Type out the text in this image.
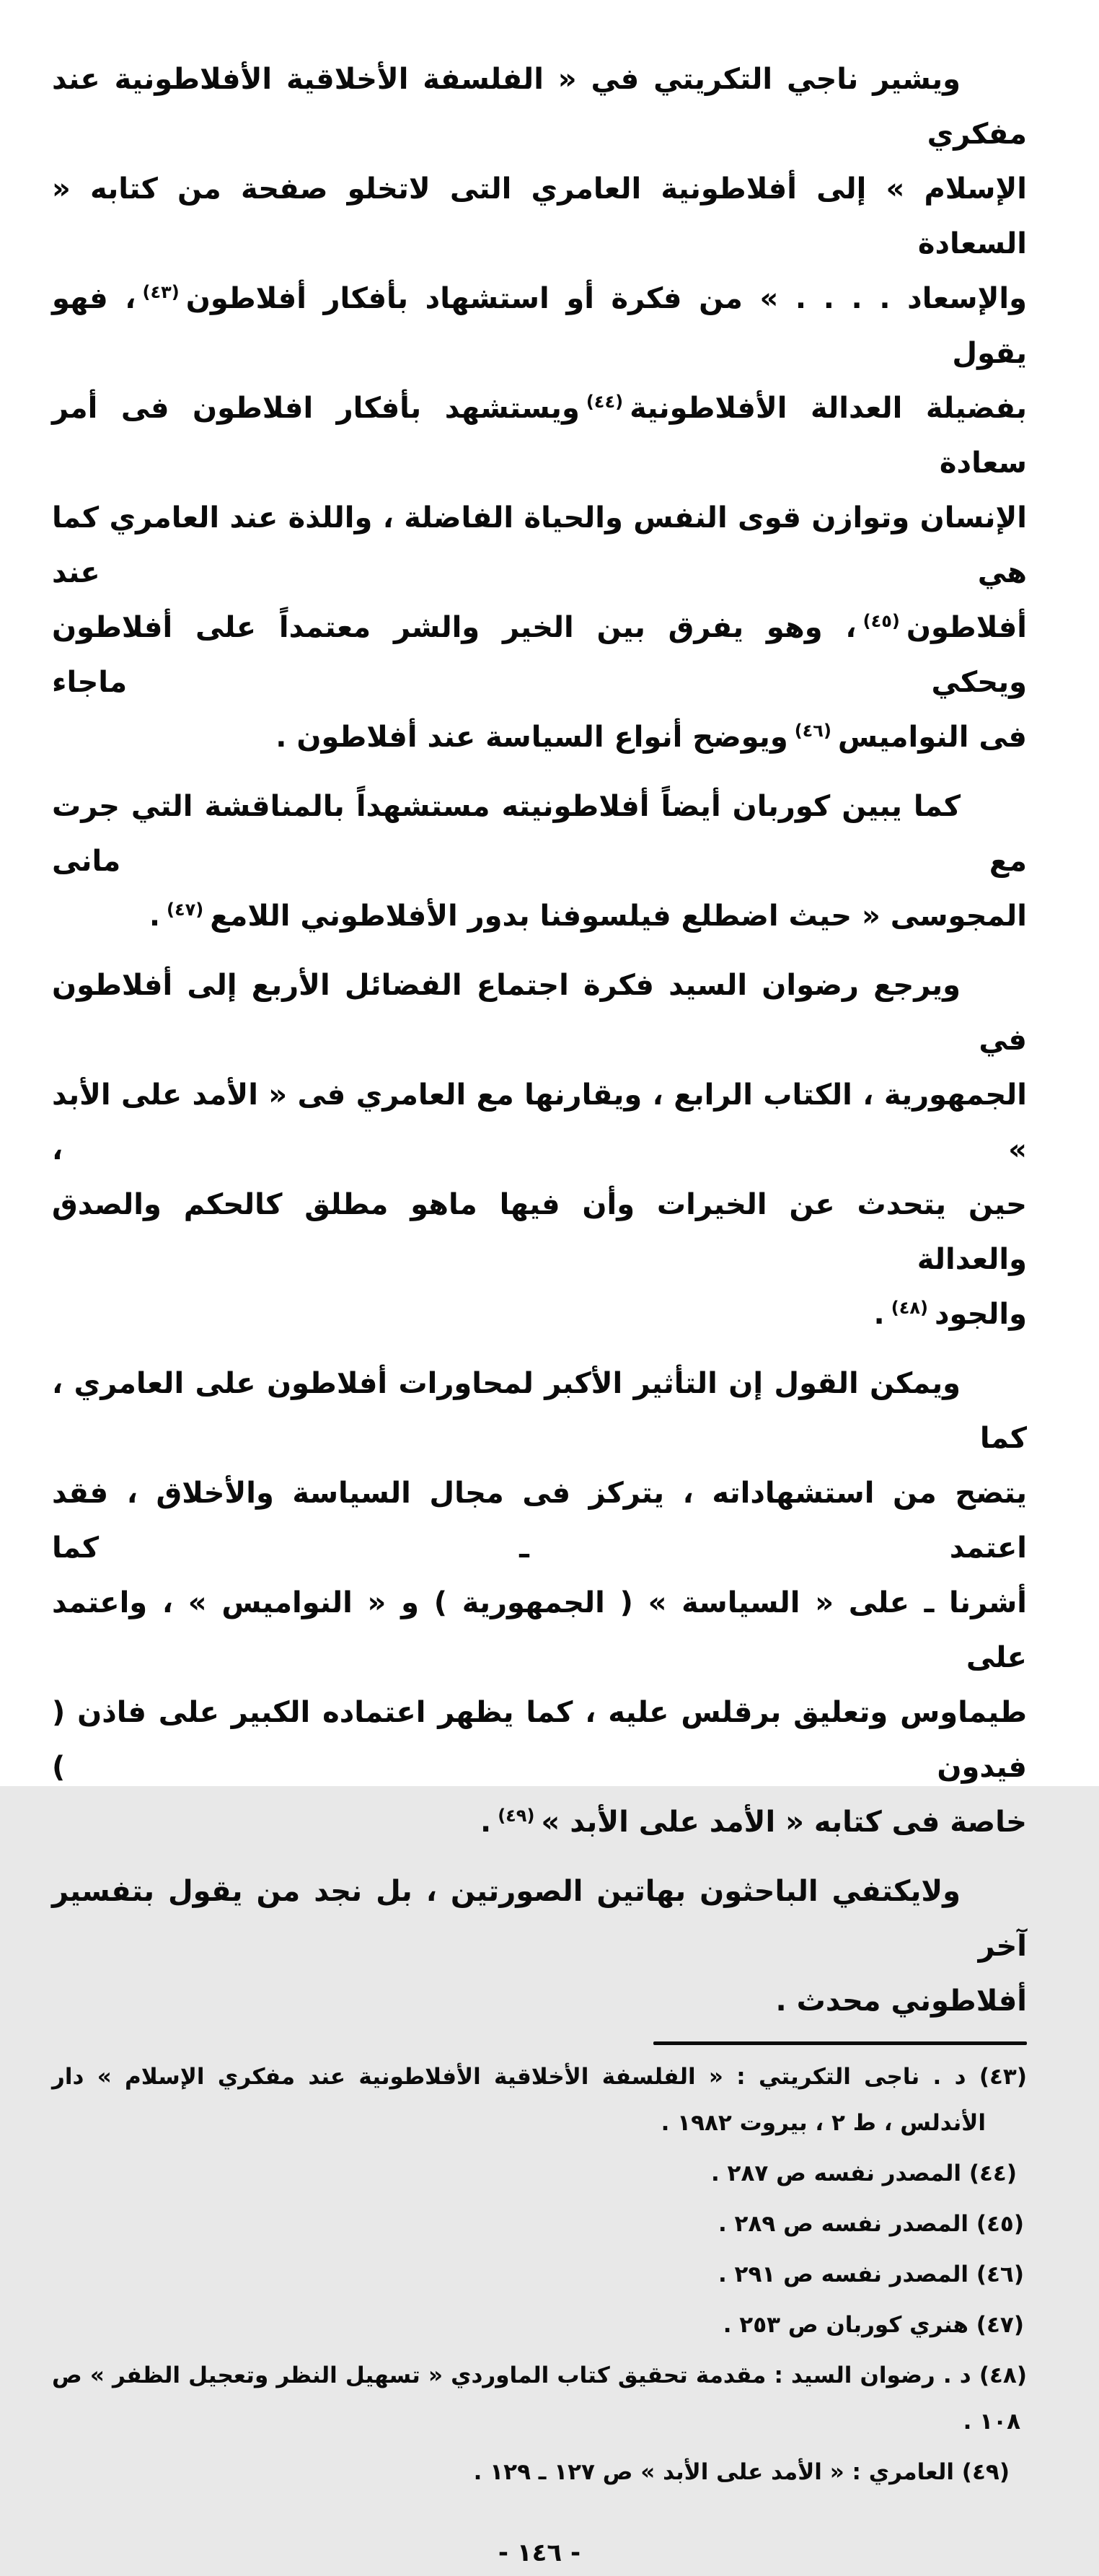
ويشير ناجي التكريتي في « الفلسفة الأخلاقية الأفلاطونية عند مفكري
الإسلام » إلى أفلاطونية العامري التى لاتخلو صفحة من كتابه « السعادة
والإسعاد . . . . » من فكرة أو استشهاد بأفكار أفلاطون$^{(٤٣)}$، فهو يقول
بفضيلة العدالة الأفلاطونية$^{(٤٤)}$ويستشهد بأفكار افلاطون فى أمر سعادة
الإنسان وتوازن قوى النفس والحياة الفاضلة ، واللذة عند العامري كما هي عند
أفلاطون$^{(٤٥)}$، وهو يفرق بين الخير والشر معتمداً على أفلاطون ويحكي ماجاء
فى النواميس$^{(٤٦)}$ويوضح أنواع السياسة عند أفلاطون .
كما يبين كوربان أيضاً أفلاطونيته مستشهداً بالمناقشة التي جرت مع مانى
المجوسى « حيث اضطلع فيلسوفنا بدور الأفلاطوني اللامع$^{(٤٧)}$.
ويرجع رضوان السيد فكرة اجتماع الفضائل الأربع إلى أفلاطون في
الجمهورية ، الكتاب الرابع ، ويقارنها مع العامري فى « الأمد على الأبد » ،
حين يتحدث عن الخيرات وأن فيها ماهو مطلق كالحكم والصدق والعدالة
والجود$^{(٤٨)}$.
ويمكن القول إن التأثير الأكبر لمحاورات أفلاطون على العامري ، كما
يتضح من استشهاداته ، يتركز فى مجال السياسة والأخلاق ، فقد اعتمد ـ كما
أشرنا ـ على « السياسة » ( الجمهورية ) و « النواميس » ، واعتمد على
طيماوس وتعليق برقلس عليه ، كما يظهر اعتماده الكبير على فاذن ( فيدون )
خاصة فى كتابه « الأمد على الأبد »$^{(٤٩)}$.
ولايكتفي الباحثون بهاتين الصورتين ، بل نجد من يقول بتفسير آخر
أفلاطوني محدث .
(٤٣) د . ناجى التكريتي : « الفلسفة الأخلاقية الأفلاطونية عند مفكري الإسلام » دار
الأندلس ، ط ٢ ، بيروت ١٩٨٢ .
(٤٤) المصدر نفسه ص ٢٨٧ .
(٤٥) المصدر نفسه ص ٢٨٩ .
(٤٦) المصدر نفسه ص ٢٩١ .
(٤٧) هنري كوربان ص ٢٥٣ .
(٤٨) د . رضوان السيد : مقدمة تحقيق كتاب الماوردي « تسهيل النظر وتعجيل الظفر » ص
١٠٨ .
(٤٩) العامري : « الأمد على الأبد » ص ١٢٧ ـ ١٢٩ .
- ١٤٦ -
